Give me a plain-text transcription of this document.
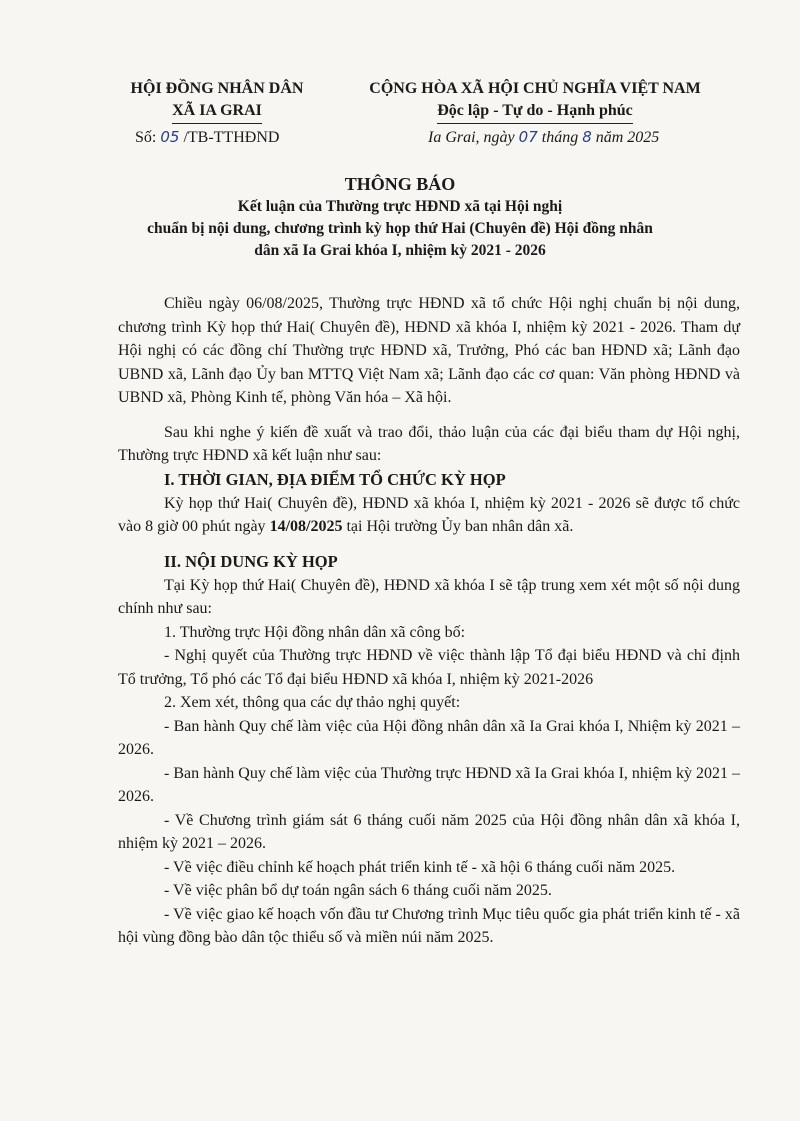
HỘI ĐỒNG NHÂN DÂN
XÃ IA GRAI
CỘNG HÒA XÃ HỘI CHỦ NGHĨA VIỆT NAM
Độc lập - Tự do - Hạnh phúc
Số: 05 /TB-TTHĐND	Ia Grai, ngày 07 tháng 8 năm 2025
THÔNG BÁO
Kết luận của Thường trực HĐND xã tại Hội nghị
chuẩn bị nội dung, chương trình kỳ họp thứ Hai (Chuyên đề) Hội đồng nhân
dân xã Ia Grai khóa I, nhiệm kỳ 2021 - 2026

Chiều ngày 06/08/2025, Thường trực HĐND xã tổ chức Hội nghị chuẩn bị nội dung, chương trình Kỳ họp thứ Hai( Chuyên đề), HĐND xã khóa I, nhiệm kỳ 2021 - 2026. Tham dự Hội nghị có các đồng chí Thường trực HĐND xã, Trưởng, Phó các ban HĐND xã; Lãnh đạo UBND xã, Lãnh đạo Ủy ban MTTQ Việt Nam xã; Lãnh đạo các cơ quan: Văn phòng HĐND và UBND xã, Phòng Kinh tế, phòng Văn hóa – Xã hội.

Sau khi nghe ý kiến đề xuất và trao đổi, thảo luận của các đại biểu tham dự Hội nghị, Thường trực HĐND xã kết luận như sau:

I. THỜI GIAN, ĐỊA ĐIỂM TỔ CHỨC KỲ HỌP

Kỳ họp thứ Hai( Chuyên đề), HĐND xã khóa I, nhiệm kỳ 2021 - 2026 sẽ được tổ chức vào 8 giờ 00 phút ngày 14/08/2025 tại Hội trường Ủy ban nhân dân xã.

II. NỘI DUNG KỲ HỌP

Tại Kỳ họp thứ Hai( Chuyên đề), HĐND xã khóa I sẽ tập trung xem xét một số nội dung chính như sau:

1. Thường trực Hội đồng nhân dân xã công bố:

- Nghị quyết của Thường trực HĐND về việc thành lập Tổ đại biểu HĐND và chỉ định Tổ trưởng, Tổ phó các Tổ đại biểu HĐND xã khóa I, nhiệm kỳ 2021-2026

2. Xem xét, thông qua các dự thảo nghị quyết:

- Ban hành Quy chế làm việc của Hội đồng nhân dân xã Ia Grai khóa I, Nhiệm kỳ 2021 – 2026.

- Ban hành Quy chế làm việc của Thường trực HĐND xã Ia Grai khóa I, nhiệm kỳ 2021 – 2026.

- Về Chương trình giám sát 6 tháng cuối năm 2025 của Hội đồng nhân dân xã khóa I, nhiệm kỳ 2021 – 2026.

- Về việc điều chỉnh kế hoạch phát triển kinh tế - xã hội 6 tháng cuối năm 2025.

- Về việc phân bổ dự toán ngân sách 6 tháng cuối năm 2025.

- Về việc giao kế hoạch vốn đầu tư Chương trình Mục tiêu quốc gia phát triển kinh tế - xã hội vùng đồng bào dân tộc thiểu số và miền núi năm 2025.
